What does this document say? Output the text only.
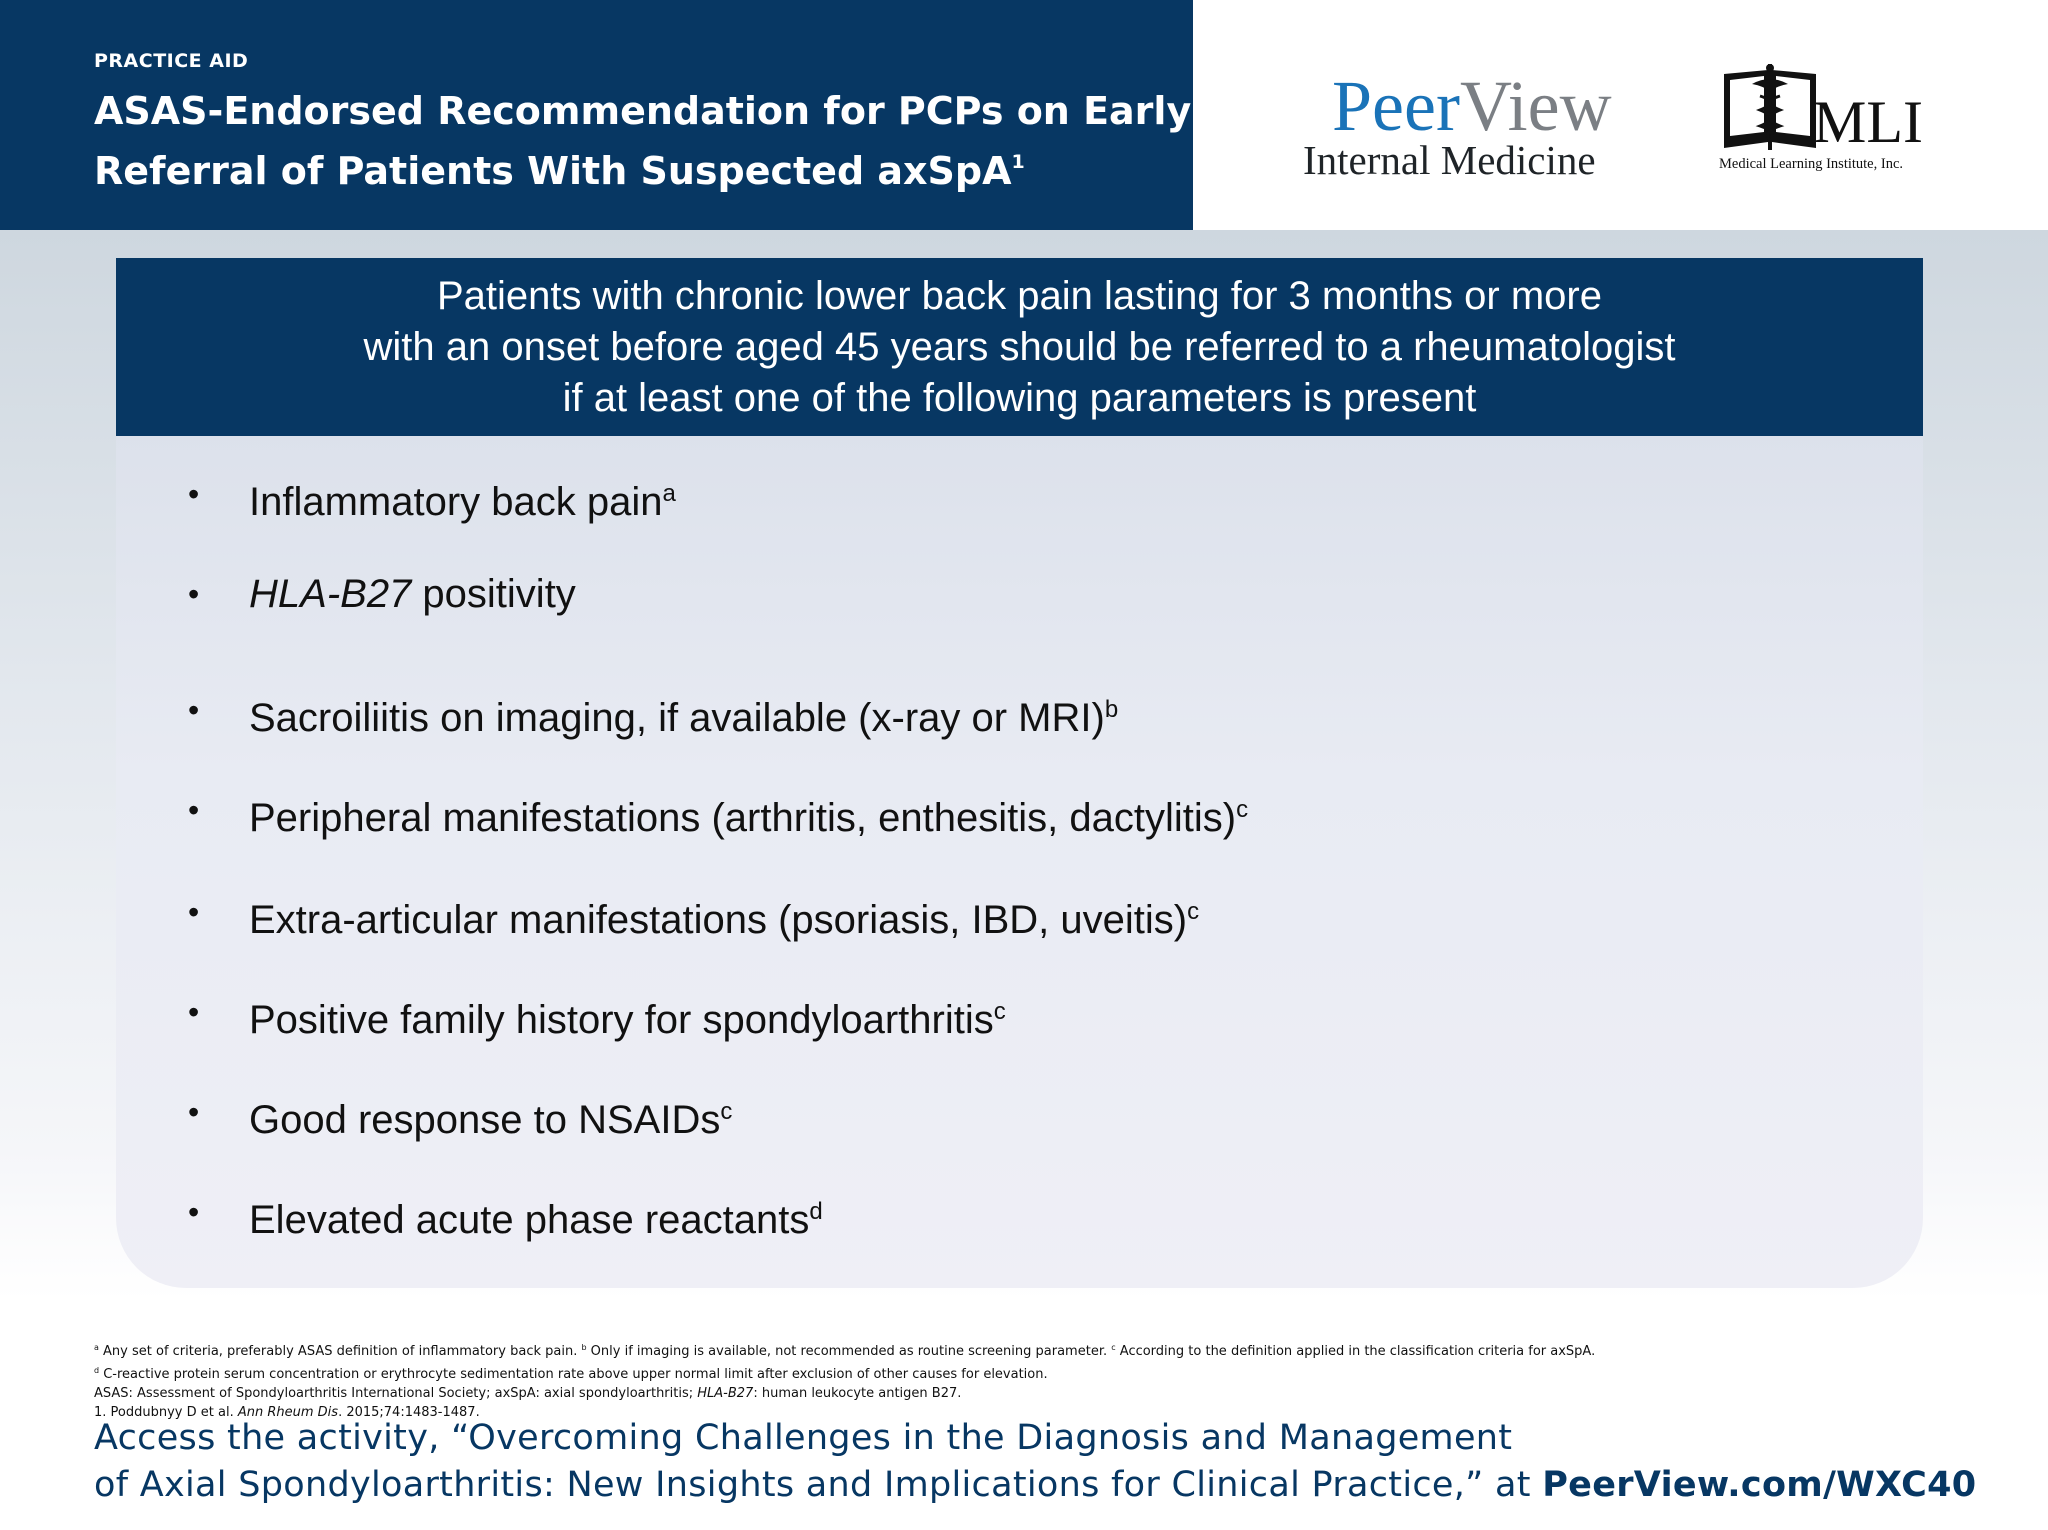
PRACTICE AID
ASAS-Endorsed Recommendation for PCPs on Early
Referral of Patients With Suspected axSpA$^1$
PeerView
Internal Medicine
MLI
Medical Learning Institute, Inc.
Patients with chronic lower back pain lasting for 3 months or more
with an onset before aged 45 years should be referred to a rheumatologist
if at least one of the following parameters is present
• Inflammatory back pain$^a$
• HLA-B27 positivity
• Sacroiliitis on imaging, if available (x-ray or MRI)$^b$
• Peripheral manifestations (arthritis, enthesitis, dactylitis)$^c$
• Extra-articular manifestations (psoriasis, IBD, uveitis)$^c$
• Positive family history for spondyloarthritis$^c$
• Good response to NSAIDs$^c$
• Elevated acute phase reactants$^d$
$^a$ Any set of criteria, preferably ASAS definition of inflammatory back pain. $^b$ Only if imaging is available, not recommended as routine screening parameter. $^c$ According to the definition applied in the classification criteria for axSpA.
$^d$ C-reactive protein serum concentration or erythrocyte sedimentation rate above upper normal limit after exclusion of other causes for elevation.
ASAS: Assessment of Spondyloarthritis International Society; axSpA: axial spondyloarthritis; HLA-B27: human leukocyte antigen B27.
1. Poddubnyy D et al. Ann Rheum Dis. 2015;74:1483-1487.
Access the activity, “Overcoming Challenges in the Diagnosis and Management
of Axial Spondyloarthritis: New Insights and Implications for Clinical Practice,” at PeerView.com/WXC40
